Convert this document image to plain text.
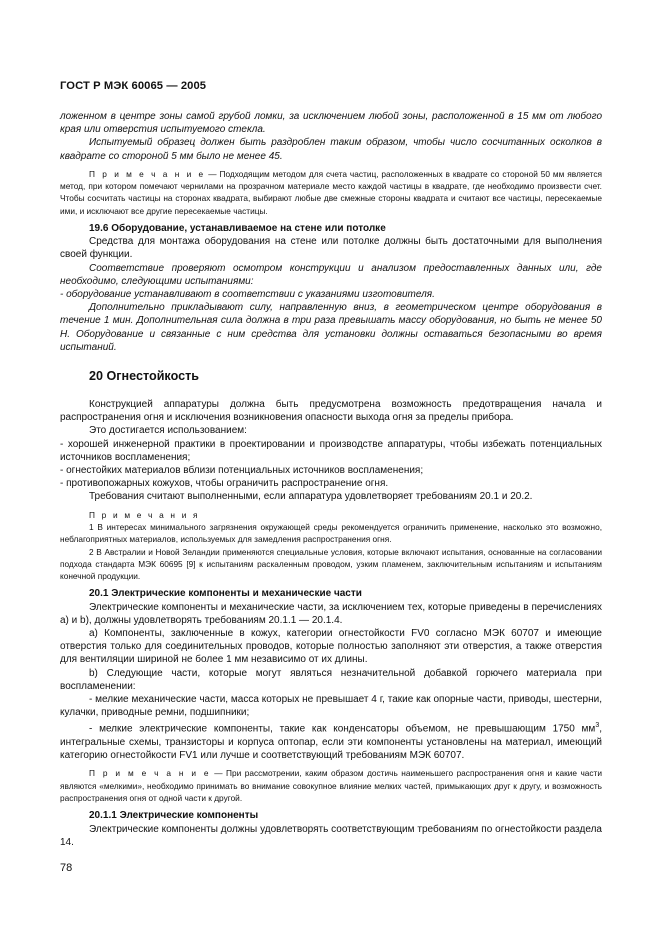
ГОСТ Р МЭК 60065 — 2005

ложенном в центре зоны самой грубой ломки, за исключением любой зоны, расположенной в 15 мм от любого края или отверстия испытуемого стекла.

Испытуемый образец должен быть раздроблен таким образом, чтобы число сосчитанных осколков в квадрате со стороной 5 мм было не менее 45.

П р и м е ч а н и е — Подходящим методом для счета частиц, расположенных в квадрате со стороной 50 мм является метод, при котором помечают чернилами на прозрачном материале место каждой частицы в квадрате, где необходимо произвести счет. Чтобы сосчитать частицы на сторонах квадрата, выбирают любые две смежные стороны квадрата и считают все частицы, пересекаемые ими, и исключают все другие пересекаемые частицы.

19.6 Оборудование, устанавливаемое на стене или потолке

Средства для монтажа оборудования на стене или потолке должны быть достаточными для выполнения своей функции.

Соответствие проверяют осмотром конструкции и анализом предоставленных данных или, где необходимо, следующими испытаниями:

- оборудование устанавливают в соответствии с указаниями изготовителя.

Дополнительно прикладывают силу, направленную вниз, в геометрическом центре оборудования в течение 1 мин. Дополнительная сила должна в три раза превышать массу оборудования, но быть не менее 50 Н. Оборудование и связанные с ним средства для установки должны оставаться безопасными во время испытаний.

20 Огнестойкость

Конструкцией аппаратуры должна быть предусмотрена возможность предотвращения начала и распространения огня и исключения возникновения опасности выхода огня за пределы прибора.

Это достигается использованием:

- хорошей инженерной практики в проектировании и производстве аппаратуры, чтобы избежать потенциальных источников воспламенения;

- огнестойких материалов вблизи потенциальных источников воспламенения;

- противопожарных кожухов, чтобы ограничить распространение огня.

Требования считают выполненными, если аппаратура удовлетворяет требованиям 20.1 и 20.2.

П р и м е ч а н и я

1 В интересах минимального загрязнения окружающей среды рекомендуется ограничить применение, насколько это возможно, неблагоприятных материалов, используемых для замедления распространения огня.

2 В Австралии и Новой Зеландии применяются специальные условия, которые включают испытания, основанные на согласовании подхода стандарта МЭК 60695 [9] к испытаниям раскаленным проводом, узким пламенем, заключительным испытаниям и испытаниям конечной продукции.

20.1 Электрические компоненты и механические части

Электрические компоненты и механические части, за исключением тех, которые приведены в перечислениях а) и b), должны удовлетворять требованиям 20.1.1 — 20.1.4.

а) Компоненты, заключенные в кожух, категории огнестойкости FV0 согласно МЭК 60707 и имеющие отверстия только для соединительных проводов, которые полностью заполняют эти отверстия, а также отверстия для вентиляции шириной не более 1 мм независимо от их длины.

b) Следующие части, которые могут являться незначительной добавкой горючего материала при воспламенении:

- мелкие механические части, масса которых не превышает 4 г, такие как опорные части, приводы, шестерни, кулачки, приводные ремни, подшипники;

- мелкие электрические компоненты, такие как конденсаторы объемом, не превышающим 1750 $мм^3$, интегральные схемы, транзисторы и корпуса оптопар, если эти компоненты установлены на материал, имеющий категорию огнестойкости FV1 или лучше и соответствующий требованиям МЭК 60707.

П р и м е ч а н и е — При рассмотрении, каким образом достичь наименьшего распространения огня и какие части являются «мелкими», необходимо принимать во внимание совокупное влияние мелких частей, примыкающих друг к другу, и возможность распространения огня от одной части к другой.

20.1.1 Электрические компоненты

Электрические компоненты должны удовлетворять соответствующим требованиям по огнестойкости раздела 14.

78
